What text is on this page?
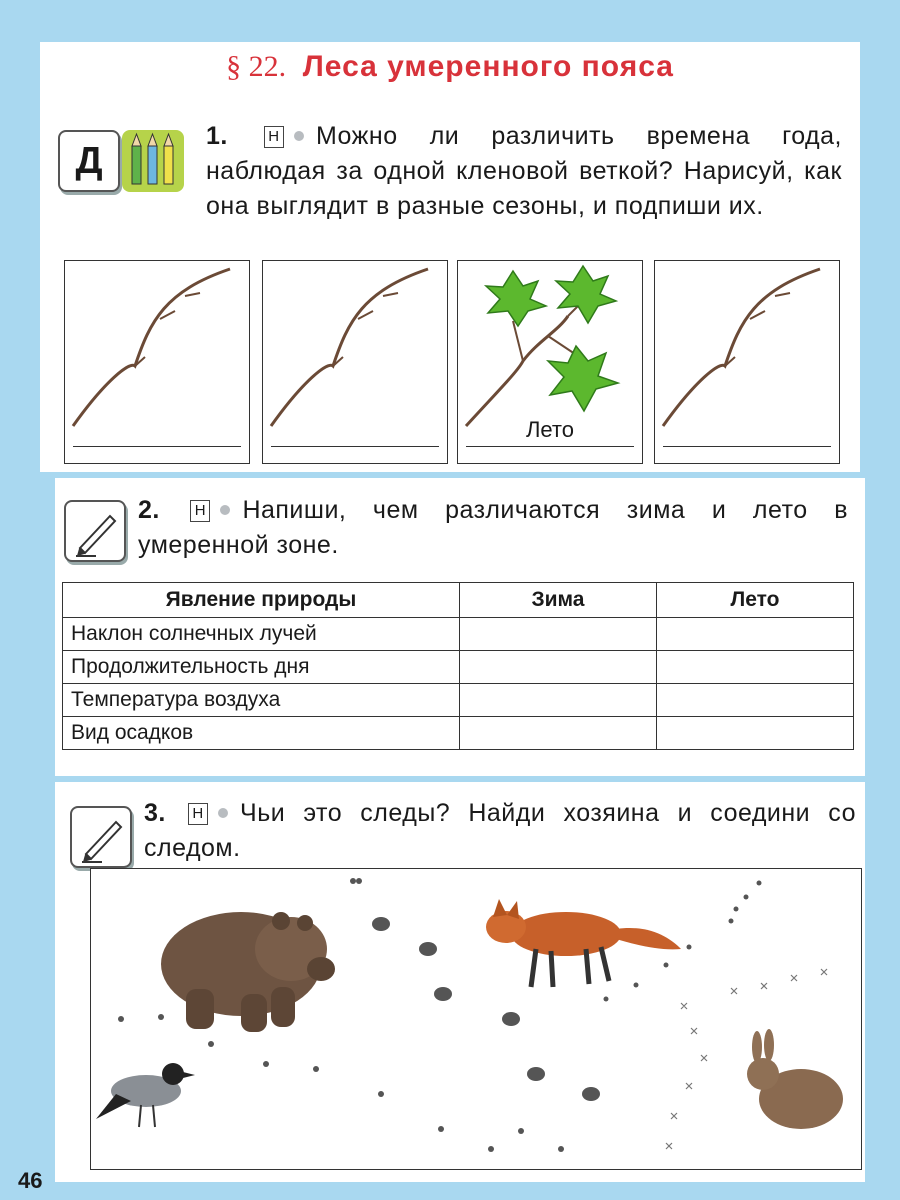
§ 22. Леса умеренного пояса
Д
1.	Н Можно ли различить времена года, наблюдая за одной кленовой веткой? Нарисуй, как она выглядит в разные сезоны, и подпиши их.
Лето
2. Н Напиши, чем различаются зима и лето в умеренной зоне.
Явление природы	Зима	Лето
Наклон солнечных лучей		
Продолжительность дня		
Температура воздуха		
Вид осадков		
3. Н Чьи это следы? Найди хозяина и соедини со следом.
46
